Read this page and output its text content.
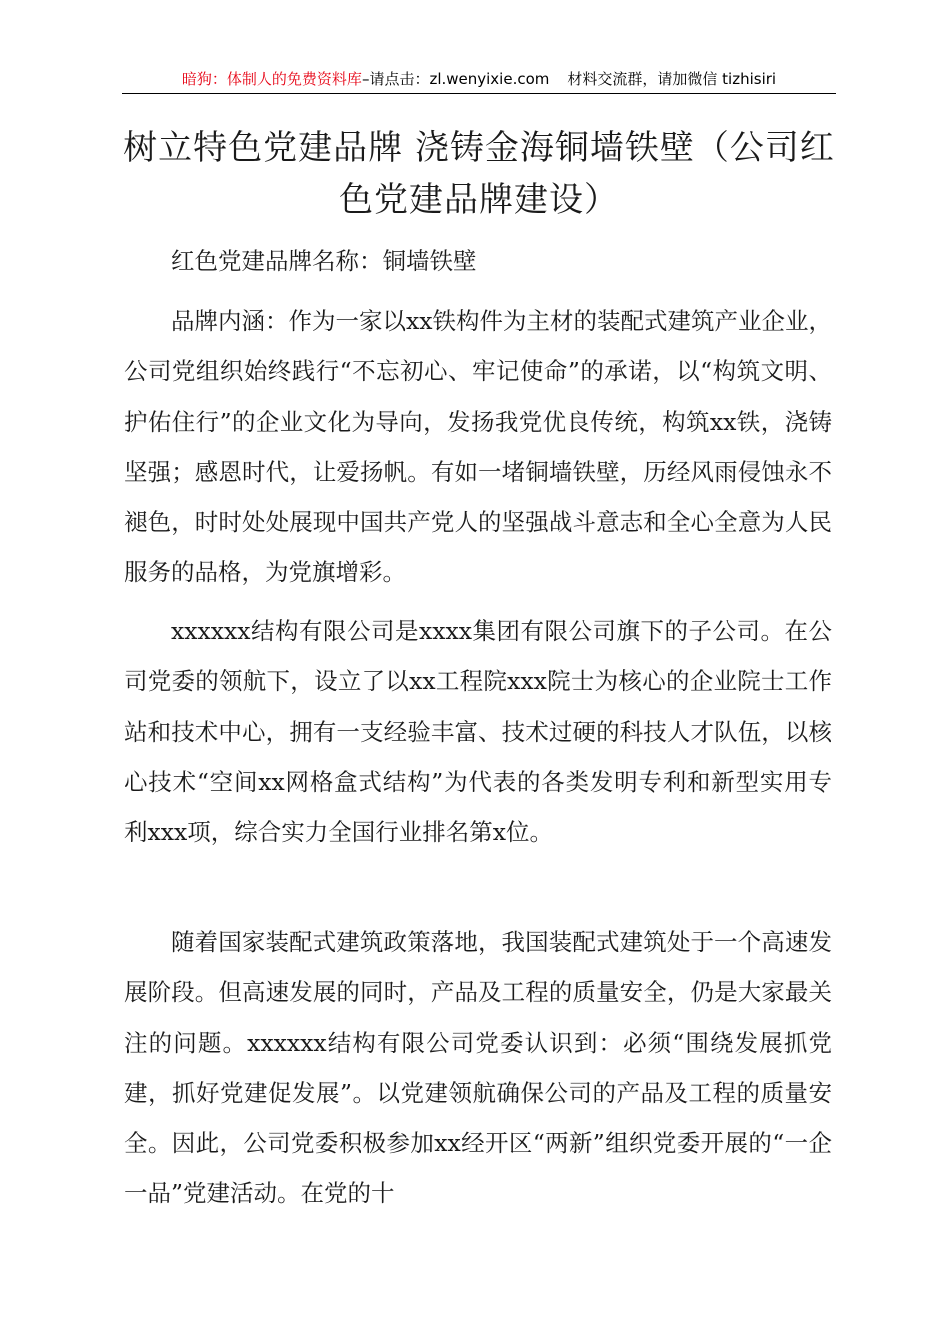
暗狗：体制人的免费资料库–请点击：zl.wenyixie.com 材料交流群，请加微信 tizhisiri
树立特色党建品牌 浇铸金海铜墙铁壁（公司红色党建品牌建设）

红色党建品牌名称：铜墙铁壁

品牌内涵：作为一家以xx铁构件为主材的装配式建筑产业企业，公司党组织始终践行“不忘初心、牢记使命”的承诺，以“构筑文明、护佑住行”的企业文化为导向，发扬我党优良传统，构筑xx铁，浇铸坚强；感恩时代，让爱扬帆。有如一堵铜墙铁壁，历经风雨侵蚀永不褪色，时时处处展现中国共产党人的坚强战斗意志和全心全意为人民服务的品格，为党旗增彩。

xxxxxx结构有限公司是xxxx集团有限公司旗下的子公司。在公司党委的领航下，设立了以xx工程院xxx院士为核心的企业院士工作站和技术中心，拥有一支经验丰富、技术过硬的科技人才队伍，以核心技术“空间xx网格盒式结构”为代表的各类发明专利和新型实用专利xxx项，综合实力全国行业排名第x位。

随着国家装配式建筑政策落地，我国装配式建筑处于一个高速发展阶段。但高速发展的同时，产品及工程的质量安全，仍是大家最关注的问题。xxxxxx结构有限公司党委认识到：必须“围绕发展抓党建，抓好党建促发展”。以党建领航确保公司的产品及工程的质量安全。因此，公司党委积极参加xx经开区“两新”组织党委开展的“一企一品”党建活动。在党的十
